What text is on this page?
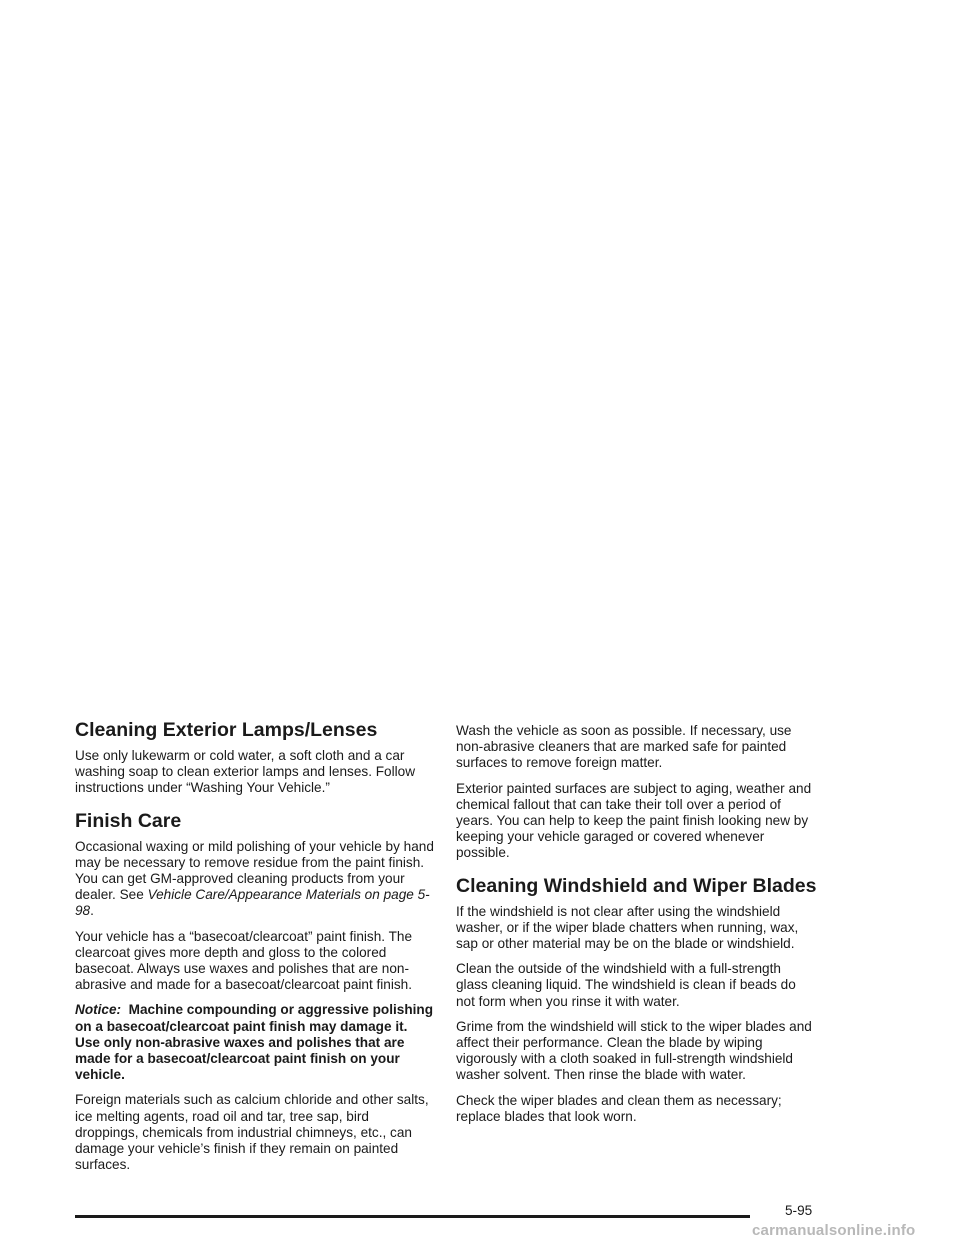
Cleaning Exterior Lamps/Lenses

Use only lukewarm or cold water, a soft cloth and a car washing soap to clean exterior lamps and lenses. Follow instructions under “Washing Your Vehicle.”

Finish Care

Occasional waxing or mild polishing of your vehicle by hand may be necessary to remove residue from the paint finish. You can get GM-approved cleaning products from your dealer. See Vehicle Care/Appearance Materials on page 5-98.

Your vehicle has a “basecoat/clearcoat” paint finish. The clearcoat gives more depth and gloss to the colored basecoat. Always use waxes and polishes that are non-abrasive and made for a basecoat/clearcoat paint finish.

Notice: Machine compounding or aggressive polishing on a basecoat/clearcoat paint finish may damage it. Use only non-abrasive waxes and polishes that are made for a basecoat/clearcoat paint finish on your vehicle.

Foreign materials such as calcium chloride and other salts, ice melting agents, road oil and tar, tree sap, bird droppings, chemicals from industrial chimneys, etc., can damage your vehicle’s finish if they remain on painted surfaces.

Wash the vehicle as soon as possible. If necessary, use non-abrasive cleaners that are marked safe for painted surfaces to remove foreign matter.

Exterior painted surfaces are subject to aging, weather and chemical fallout that can take their toll over a period of years. You can help to keep the paint finish looking new by keeping your vehicle garaged or covered whenever possible.

Cleaning Windshield and Wiper Blades

If the windshield is not clear after using the windshield washer, or if the wiper blade chatters when running, wax, sap or other material may be on the blade or windshield.

Clean the outside of the windshield with a full-strength glass cleaning liquid. The windshield is clean if beads do not form when you rinse it with water.

Grime from the windshield will stick to the wiper blades and affect their performance. Clean the blade by wiping vigorously with a cloth soaked in full-strength windshield washer solvent. Then rinse the blade with water.

Check the wiper blades and clean them as necessary; replace blades that look worn.

5-95
carmanualsonline.info
